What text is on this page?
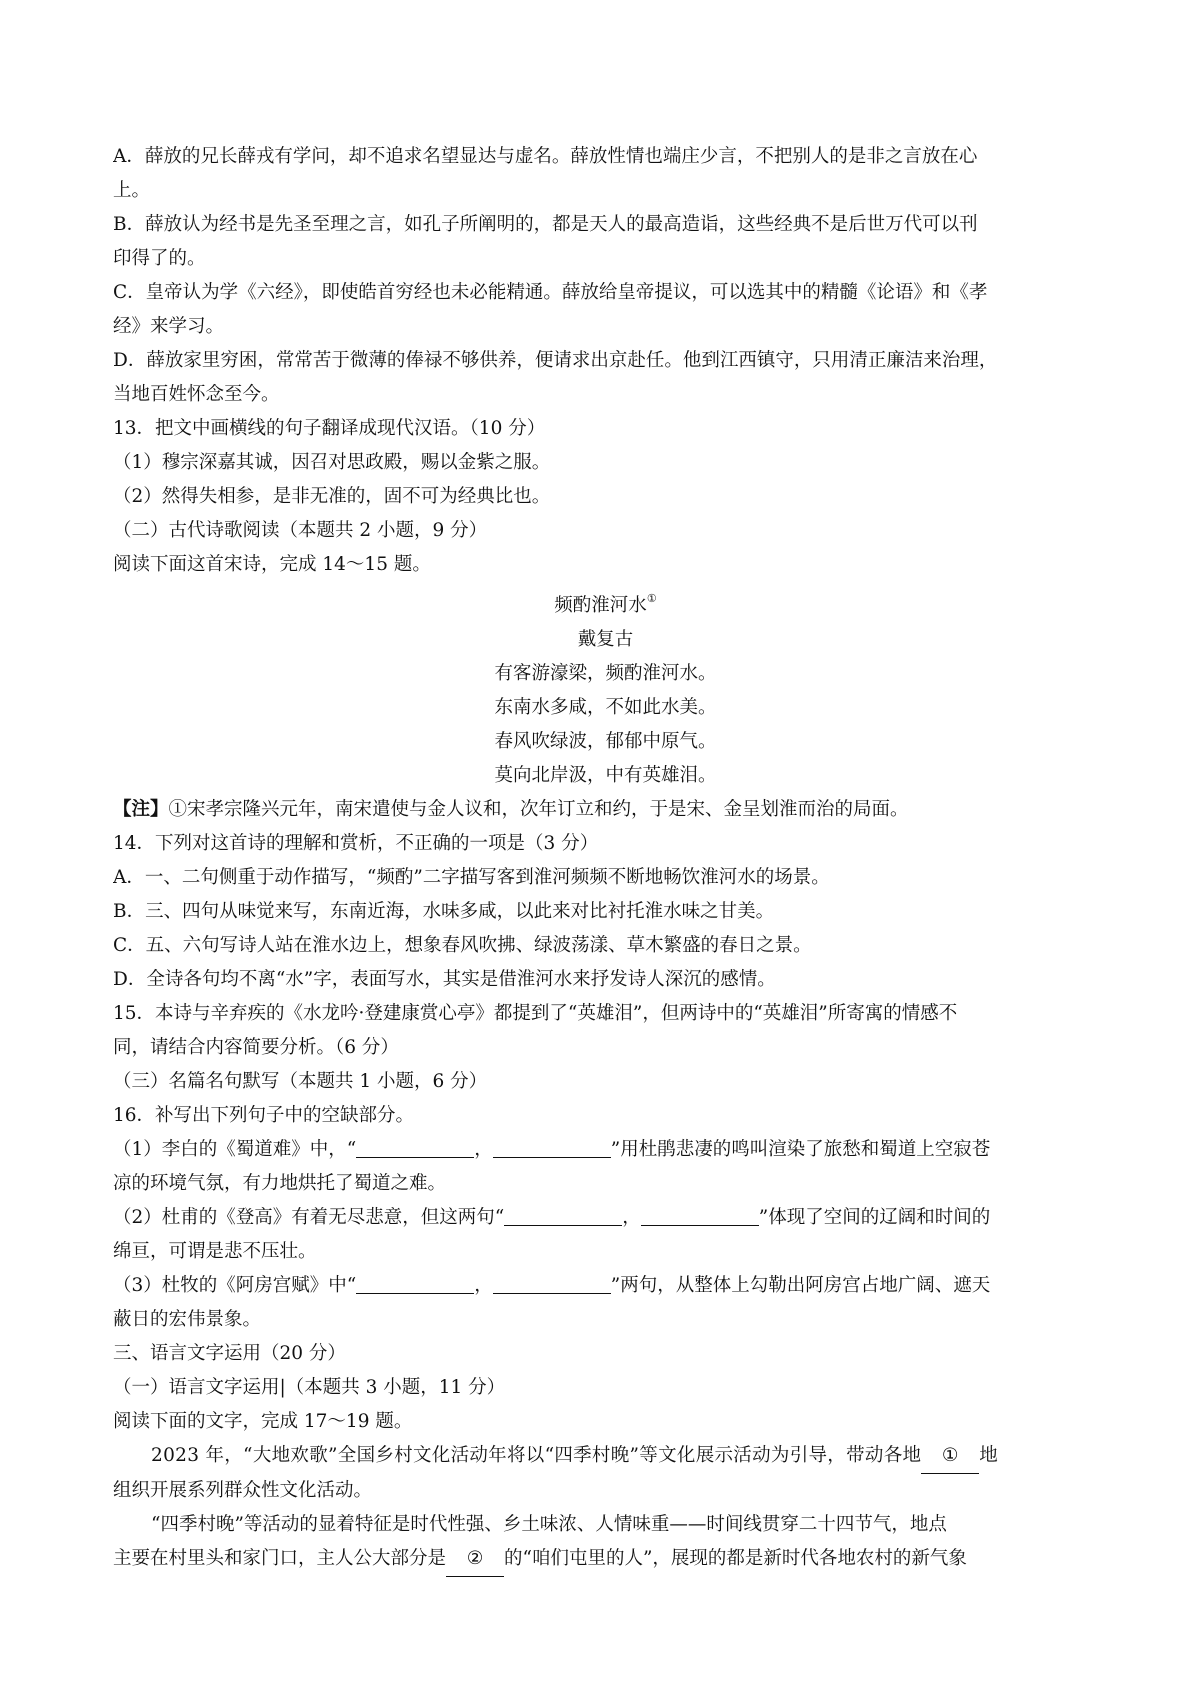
A．薛放的兄长薛戎有学问，却不追求名望显达与虚名。薛放性情也端庄少言，不把别人的是非之言放在心
上。
B．薛放认为经书是先圣至理之言，如孔子所阐明的，都是天人的最高造诣，这些经典不是后世万代可以刊
印得了的。
C．皇帝认为学《六经》，即使皓首穷经也未必能精通。薛放给皇帝提议，可以选其中的精髓《论语》和《孝
经》来学习。
D．薛放家里穷困，常常苦于微薄的俸禄不够供养，便请求出京赴任。他到江西镇守，只用清正廉洁来治理，
当地百姓怀念至今。
13．把文中画横线的句子翻译成现代汉语。（10 分）
（1）穆宗深嘉其诚，因召对思政殿，赐以金紫之服。
（2）然得失相参，是非无准的，固不可为经典比也。
（二）古代诗歌阅读（本题共 2 小题，9 分）
阅读下面这首宋诗，完成 14～15 题。
频酌淮河水①
戴复古
有客游濠梁，频酌淮河水。
东南水多咸，不如此水美。
春风吹绿波，郁郁中原气。
莫向北岸汲，中有英雄泪。
【注】①宋孝宗隆兴元年，南宋遣使与金人议和，次年订立和约，于是宋、金呈划淮而治的局面。
14．下列对这首诗的理解和赏析，不正确的一项是（3 分）
A．一、二句侧重于动作描写，“频酌”二字描写客到淮河频频不断地畅饮淮河水的场景。
B．三、四句从味觉来写，东南近海，水味多咸，以此来对比衬托淮水味之甘美。
C．五、六句写诗人站在淮水边上，想象春风吹拂、绿波荡漾、草木繁盛的春日之景。
D．全诗各句均不离“水”字，表面写水，其实是借淮河水来抒发诗人深沉的感情。
15．本诗与辛弃疾的《水龙吟·登建康赏心亭》都提到了“英雄泪”，但两诗中的“英雄泪”所寄寓的情感不
同，请结合内容简要分析。（6 分）
（三）名篇名句默写（本题共 1 小题，6 分）
16．补写出下列句子中的空缺部分。
（1）李白的《蜀道难》中，“	，	”用杜鹃悲凄的鸣叫渲染了旅愁和蜀道上空寂苍
凉的环境气氛，有力地烘托了蜀道之难。
（2）杜甫的《登高》有着无尽悲意，但这两句“	，	”体现了空间的辽阔和时间的
绵亘，可谓是悲不压壮。
（3）杜牧的《阿房宫赋》中“	，	”两句，从整体上勾勒出阿房宫占地广阔、遮天
蔽日的宏伟景象。
三、语言文字运用（20 分）
（一）语言文字运用|（本题共 3 小题，11 分）
阅读下面的文字，完成 17～19 题。
2023 年，“大地欢歌”全国乡村文化活动年将以“四季村晚”等文化展示活动为引导，带动各地 ① 地
组织开展系列群众性文化活动。
“四季村晚”等活动的显着特征是时代性强、乡土味浓、人情味重——时间线贯穿二十四节气，地点
主要在村里头和家门口，主人公大部分是 ② 的“咱们屯里的人”，展现的都是新时代各地农村的新气象
